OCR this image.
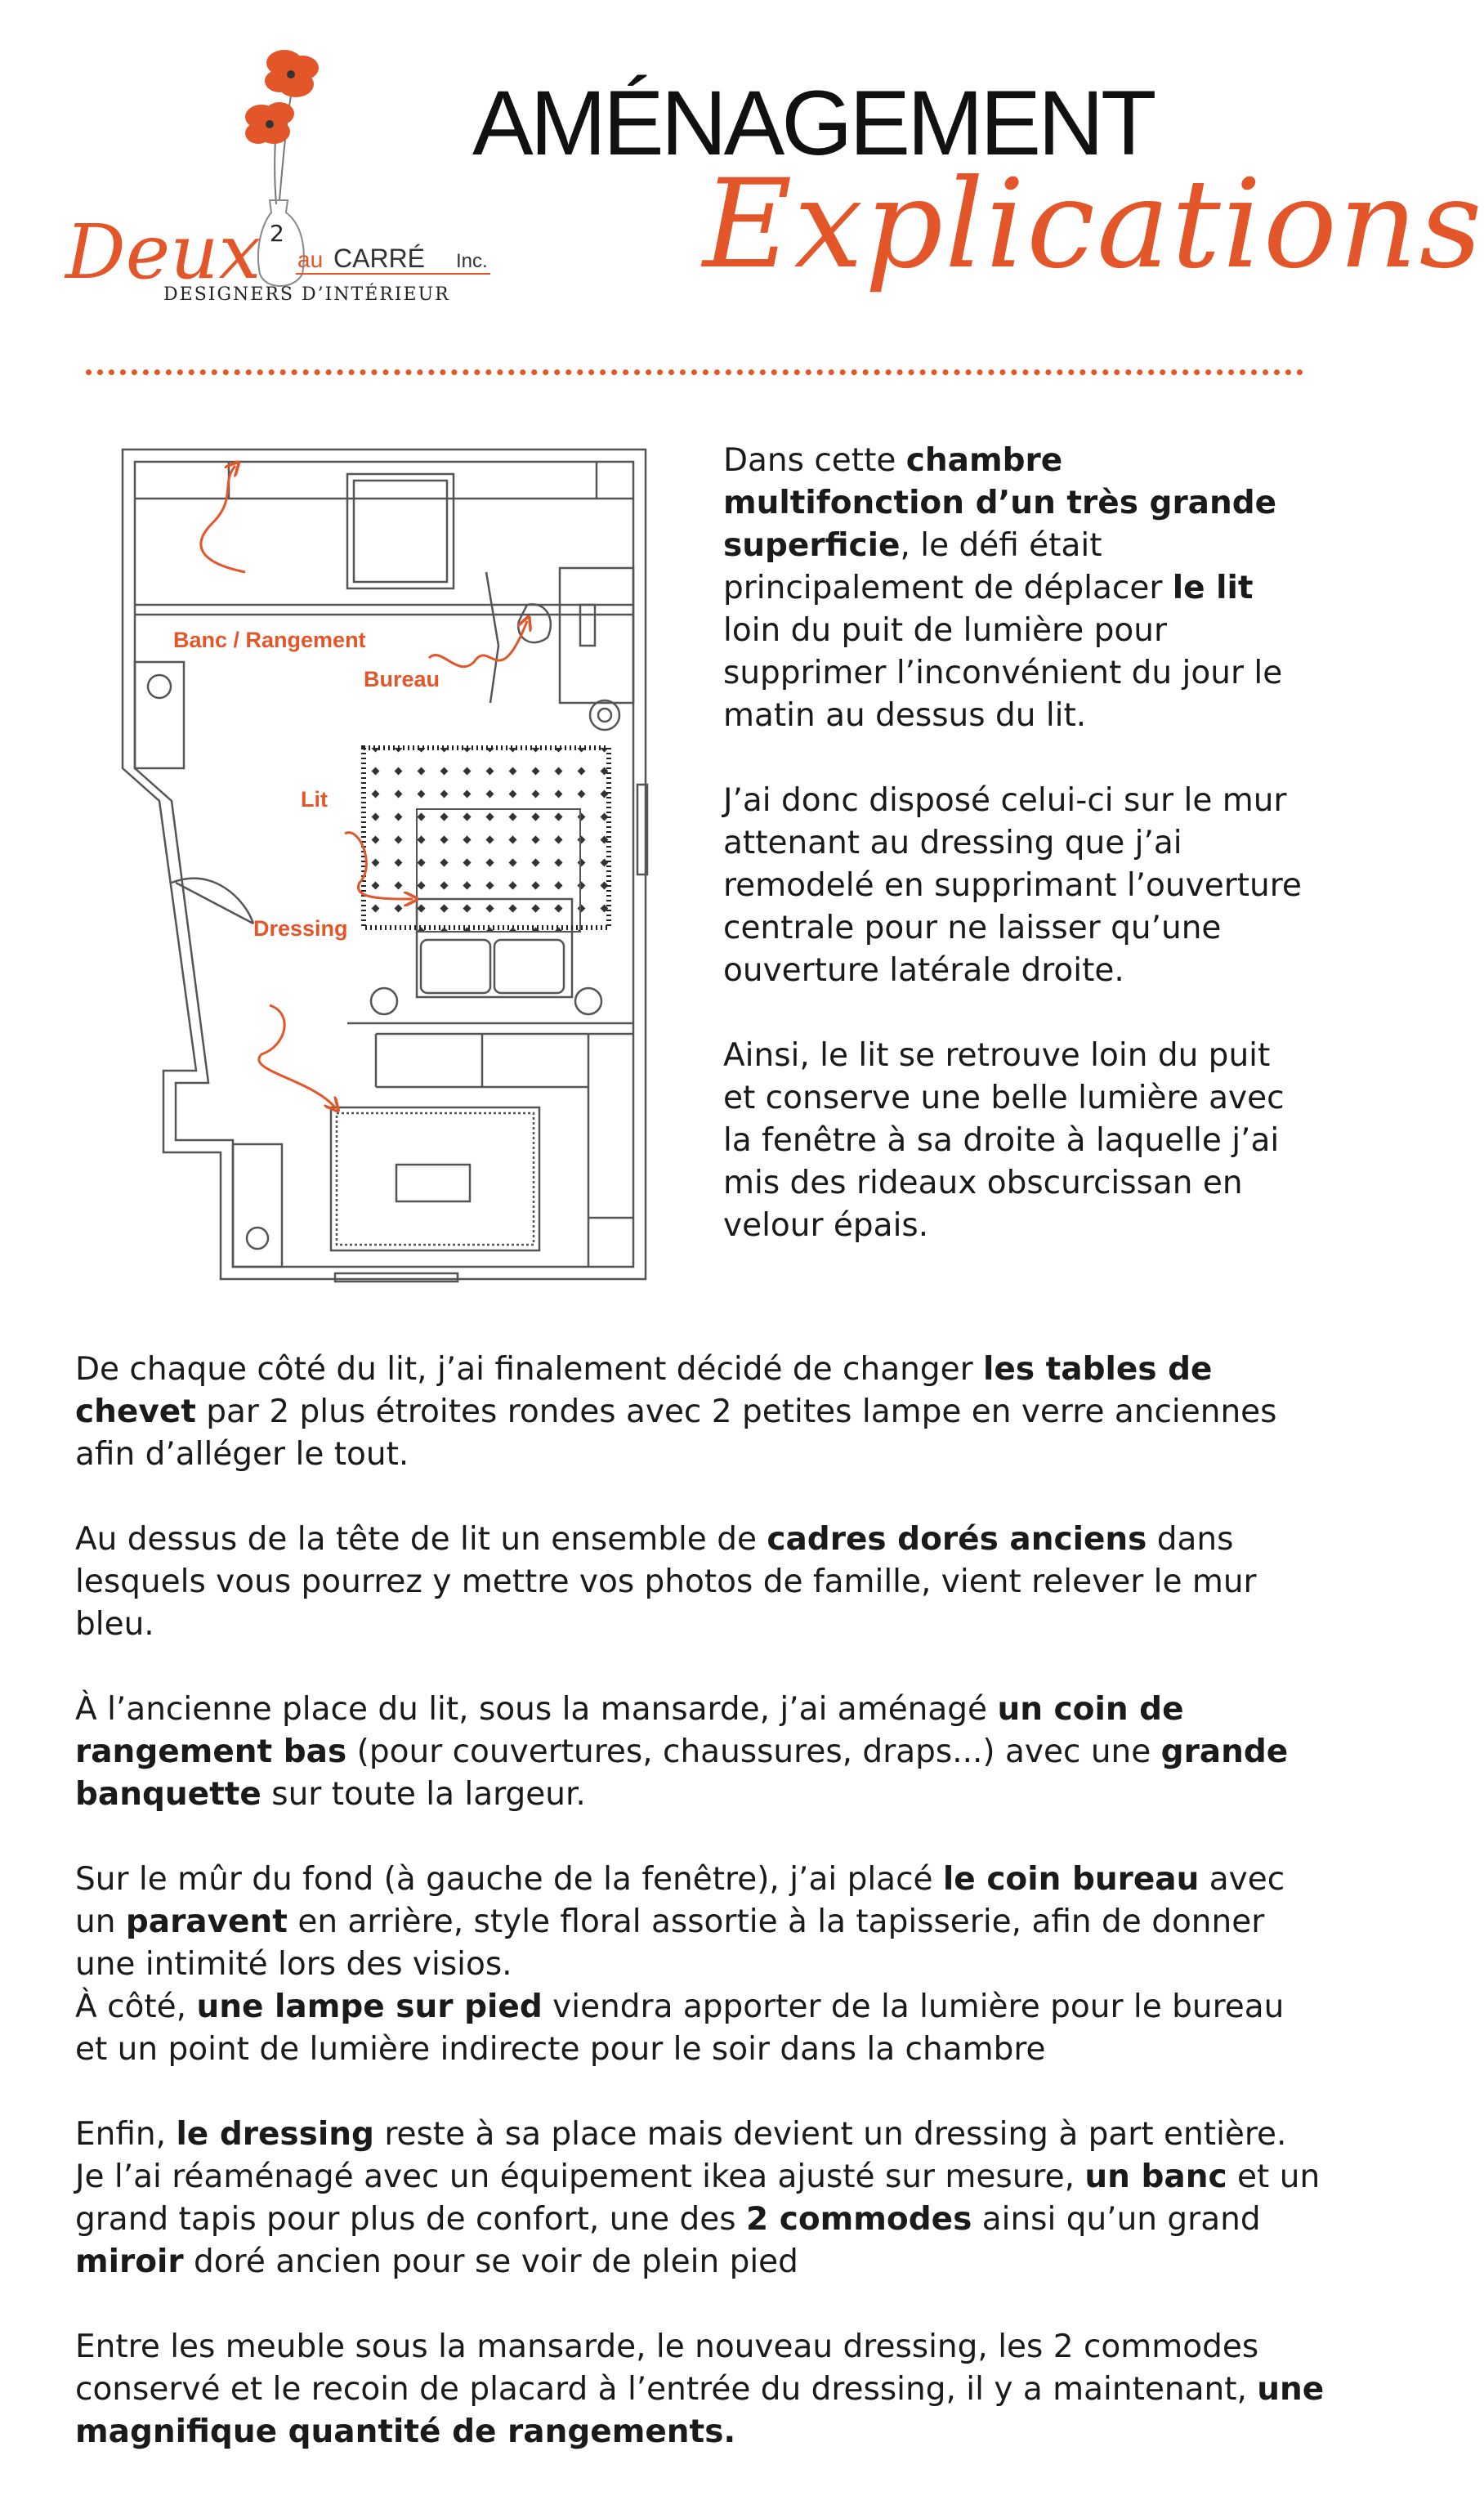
Deux 2
au CARRÉ Inc.
DESIGNERS D’INTÉRIEUR
AMÉNAGEMENT
Explications
Banc / Rangement
Bureau
Lit
Dressing

Dans cette chambre multifonction d’un très grande superficie, le défi était principalement de déplacer le lit loin du puit de lumière pour supprimer l’inconvénient du jour le matin au dessus du lit.

J’ai donc disposé celui-ci sur le mur attenant au dressing que j’ai remodelé en supprimant l’ouverture centrale pour ne laisser qu’une ouverture latérale droite.

Ainsi, le lit se retrouve loin du puit et conserve une belle lumière avec la fenêtre à sa droite à laquelle j’ai mis des rideaux obscurcissan en velour épais.

De chaque côté du lit, j’ai finalement décidé de changer les tables de chevet par 2 plus étroites rondes avec 2 petites lampe en verre anciennes afin d’alléger le tout.

Au dessus de la tête de lit un ensemble de cadres dorés anciens dans lesquels vous pourrez y mettre vos photos de famille, vient relever le mur bleu.

À l’ancienne place du lit, sous la mansarde, j’ai aménagé un coin de rangement bas (pour couvertures, chaussures, draps...) avec une grande banquette sur toute la largeur.

Sur le mûr du fond (à gauche de la fenêtre), j’ai placé le coin bureau avec un paravent en arrière, style floral assortie à la tapisserie, afin de donner une intimité lors des visios.

À côté, une lampe sur pied viendra apporter de la lumière pour le bureau et un point de lumière indirecte pour le soir dans la chambre

Enfin, le dressing reste à sa place mais devient un dressing à part entière. Je l’ai réaménagé avec un équipement ikea ajusté sur mesure, un banc et un grand tapis pour plus de confort, une des 2 commodes ainsi qu’un grand miroir doré ancien pour se voir de plein pied

Entre les meuble sous la mansarde, le nouveau dressing, les 2 commodes conservé et le recoin de placard à l’entrée du dressing, il y a maintenant, une magnifique quantité de rangements.
